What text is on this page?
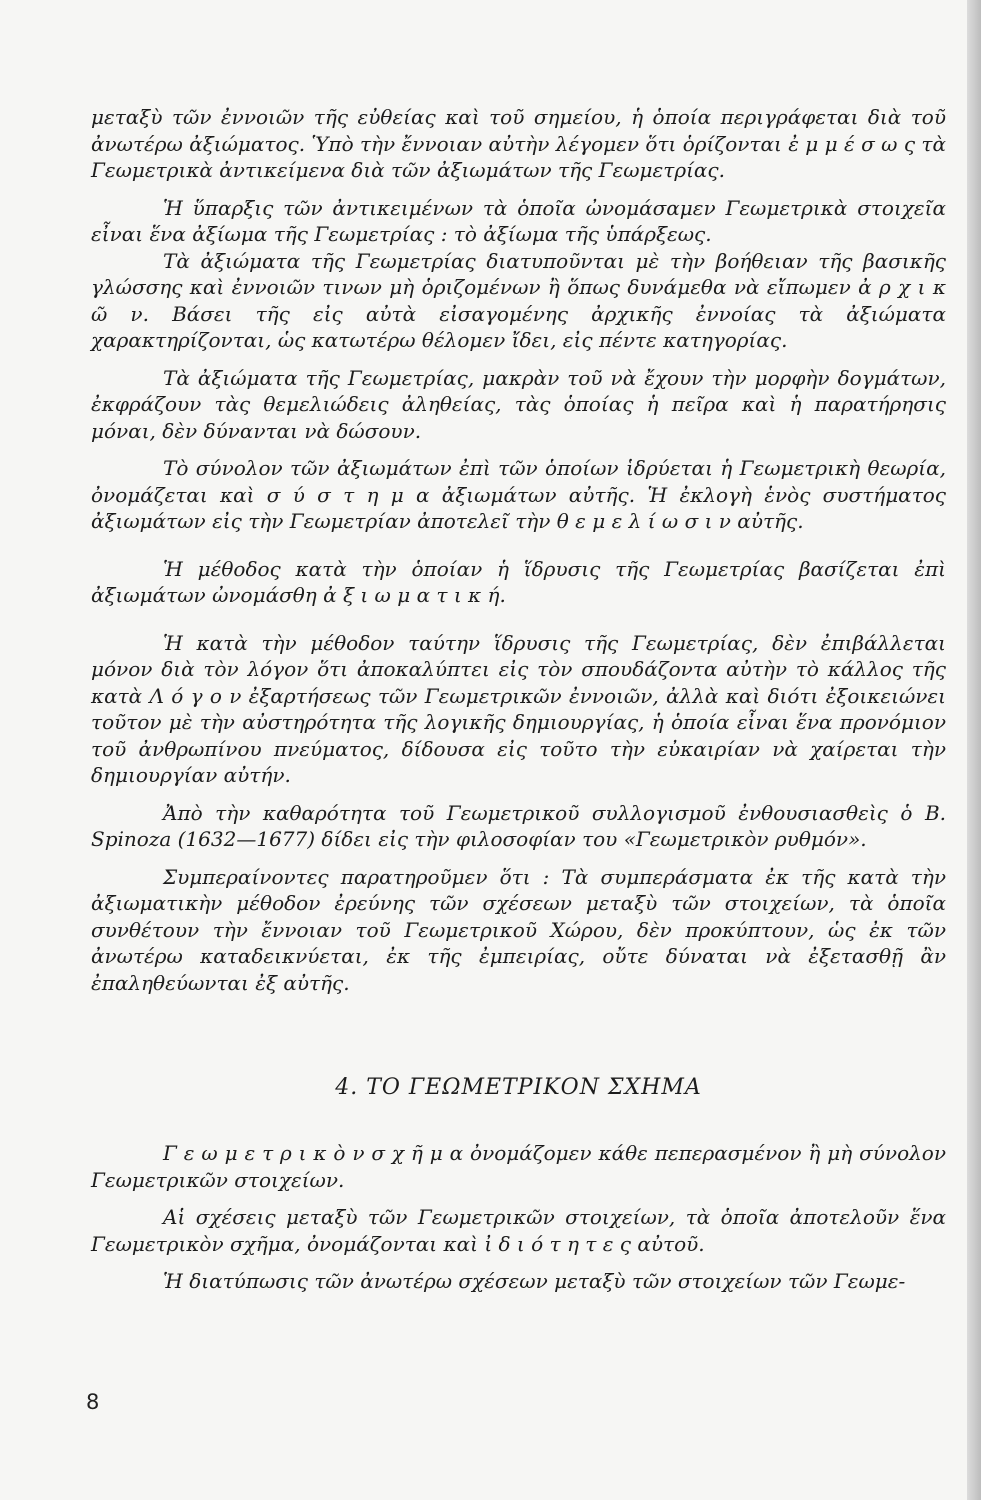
μεταξὺ τῶν ἐννοιῶν τῆς εὐθείας καὶ τοῦ σημείου, ἡ ὁποία περιγράφεται διὰ τοῦ ἀνωτέρω ἀξιώματος. Ὑπὸ τὴν ἔννοιαν αὐτὴν λέγομεν ὅτι ὁρίζονται ἐ μ μ έ σ ω ς τὰ Γεωμετρικὰ ἀντικείμενα διὰ τῶν ἀξιωμάτων τῆς Γεωμετρίας.

Ἡ ὕπαρξις τῶν ἀντικειμένων τὰ ὁποῖα ὠνομάσαμεν Γεωμετρικὰ στοιχεῖα εἶναι ἕνα ἀξίωμα τῆς Γεωμετρίας : τὸ ἀξίωμα τῆς ὑπάρξεως.

Τὰ ἀξιώματα τῆς Γεωμετρίας διατυποῦνται μὲ τὴν βοήθειαν τῆς βασικῆς γλώσσης καὶ ἐννοιῶν τινων μὴ ὁριζομένων ἢ ὅπως δυνάμεθα νὰ εἴπωμεν ἀ ρ χ ι κ ῶ ν. Βάσει τῆς εἰς αὐτὰ εἰσαγομένης ἀρχικῆς ἐννοίας τὰ ἀξιώματα χαρακτηρίζονται, ὡς κατωτέρω θέλομεν ἴδει, εἰς πέντε κατηγορίας.

Τὰ ἀξιώματα τῆς Γεωμετρίας, μακρὰν τοῦ νὰ ἔχουν τὴν μορφὴν δογμάτων, ἐκφράζουν τὰς θεμελιώδεις ἀληθείας, τὰς ὁποίας ἡ πεῖρα καὶ ἡ παρατήρησις μόναι, δὲν δύνανται νὰ δώσουν.

Τὸ σύνολον τῶν ἀξιωμάτων ἐπὶ τῶν ὁποίων ἱδρύεται ἡ Γεωμετρικὴ θεωρία, ὀνομάζεται καὶ σ ύ σ τ η μ α ἀξιωμάτων αὐτῆς. Ἡ ἐκλογὴ ἑνὸς συστήματος ἀξιωμάτων εἰς τὴν Γεωμετρίαν ἀποτελεῖ τὴν θ ε μ ε λ ί ω σ ι ν αὐτῆς.

Ἡ μέθοδος κατὰ τὴν ὁποίαν ἡ ἵδρυσις τῆς Γεωμετρίας βασίζεται ἐπὶ ἀξιωμάτων ὠνομάσθη ἀ ξ ι ω μ α τ ι κ ή.

Ἡ κατὰ τὴν μέθοδον ταύτην ἵδρυσις τῆς Γεωμετρίας, δὲν ἐπιβάλλεται μόνον διὰ τὸν λόγον ὅτι ἀποκαλύπτει εἰς τὸν σπουδάζοντα αὐτὴν τὸ κάλλος τῆς κατὰ Λ ό γ ο ν ἐξαρτήσεως τῶν Γεωμετρικῶν ἐννοιῶν, ἀλλὰ καὶ διότι ἐξοικειώνει τοῦτον μὲ τὴν αὐστηρότητα τῆς λογικῆς δημιουργίας, ἡ ὁποία εἶναι ἕνα προνόμιον τοῦ ἀνθρωπίνου πνεύματος, δίδουσα εἰς τοῦτο τὴν εὐκαιρίαν νὰ χαίρεται τὴν δημιουργίαν αὐτήν.

Ἀπὸ τὴν καθαρότητα τοῦ Γεωμετρικοῦ συλλογισμοῦ ἐνθουσιασθεὶς ὁ B. Spinoza (1632—1677) δίδει εἰς τὴν φιλοσοφίαν του «Γεωμετρικὸν ρυθμόν».

Συμπεραίνοντες παρατηροῦμεν ὅτι : Τὰ συμπεράσματα ἐκ τῆς κατὰ τὴν ἀξιωματικὴν μέθοδον ἐρεύνης τῶν σχέσεων μεταξὺ τῶν στοιχείων, τὰ ὁποῖα συνθέτουν τὴν ἔννοιαν τοῦ Γεωμετρικοῦ Χώρου, δὲν προκύπτουν, ὡς ἐκ τῶν ἀνωτέρω καταδεικνύεται, ἐκ τῆς ἐμπειρίας, οὔτε δύναται νὰ ἐξετασθῇ ἂν ἐπαληθεύωνται ἐξ αὐτῆς.

4. ΤΟ ΓΕΩΜΕΤΡΙΚΟΝ ΣΧΗΜΑ

Γ ε ω μ ε τ ρ ι κ ὸ ν σ χ ῆ μ α ὀνομάζομεν κάθε πεπερασμένον ἢ μὴ σύνολον Γεωμετρικῶν στοιχείων.

Αἱ σχέσεις μεταξὺ τῶν Γεωμετρικῶν στοιχείων, τὰ ὁποῖα ἀποτελοῦν ἕνα Γεωμετρικὸν σχῆμα, ὀνομάζονται καὶ ἰ δ ι ό τ η τ ε ς αὐτοῦ.

Ἡ διατύπωσις τῶν ἀνωτέρω σχέσεων μεταξὺ τῶν στοιχείων τῶν Γεωμε-

8
